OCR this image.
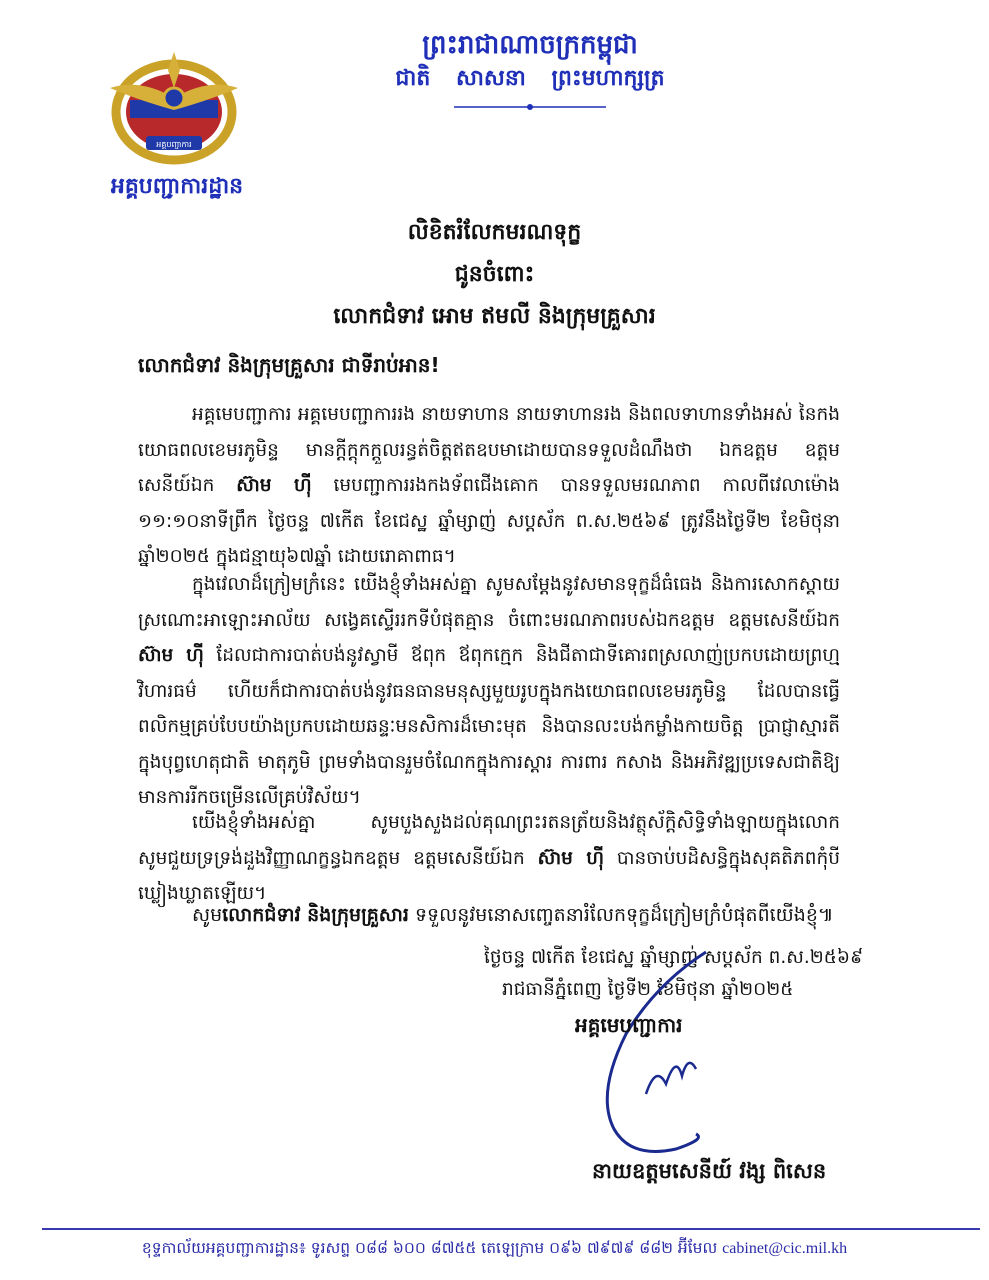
អគ្គបញ្ជាការ
អគ្គបញ្ជាការដ្ឋាន
ព្រះរាជាណាចក្រកម្ពុជា
ជាតិ សាសនា ព្រះមហាក្សត្រ
លិខិតរំលែកមរណទុក្ខ
ជូនចំពោះ
លោកជំទាវ អោម ឥមលី និងក្រុមគ្រួសារ
លោកជំទាវ និងក្រុមគ្រួសារ ជាទីរាប់អាន!
អគ្គមេបញ្ជាការ អគ្គមេបញ្ជាការរង នាយទាហាន នាយទាហានរង និងពលទាហានទាំងអស់ នៃកងយោធពលខេមរភូមិន្ទ មានក្តីក្តុកក្តួលរន្ធត់ចិត្តឥតឧបមាដោយបានទទួលដំណឹងថា ឯកឧត្តម ឧត្តមសេនីយ៍ឯក ស៊ាម ហ៊ី មេបញ្ជាការរងកងទ័ពជើងគោក បានទទួលមរណភាព កាលពីវេលាម៉ោង ១១:១០នាទីព្រឹក ថ្ងៃចន្ទ ៧កើត ខែជេស្ឋ ឆ្នាំម្សាញ់ សប្តស័ក ព.ស.២៥៦៩ ត្រូវនឹងថ្ងៃទី២ ខែមិថុនា ឆ្នាំ២០២៥ ក្នុងជន្មាយុ៦៧ឆ្នាំ ដោយរោគាពាធ។
ក្នុងវេលាដ៏ក្រៀមក្រំនេះ យើងខ្ញុំទាំងអស់គ្នា សូមសម្តែងនូវសមានទុក្ខដ៏ធំធេង និងការសោកស្តាយស្រណោះអាឡោះអាល័យ សង្វេគស្ទើររកទីបំផុតគ្មាន ចំពោះមរណភាពរបស់ឯកឧត្តម ឧត្តមសេនីយ៍ឯក ស៊ាម ហ៊ី ដែលជាការបាត់បង់នូវស្វាមី ឪពុក ឪពុកក្មេក និងជីតាជាទីគោរពស្រលាញ់ប្រកបដោយព្រហ្មវិហារធម៌ ហើយក៏ជាការបាត់បង់នូវធនធានមនុស្សមួយរូបក្នុងកងយោធពលខេមរភូមិន្ទ ដែលបានធ្វើពលិកម្មគ្រប់បែបយ៉ាងប្រកបដោយឆន្ទៈមនសិការដ៏មោះមុត និងបានលះបង់កម្លាំងកាយចិត្ត ប្រាជ្ញាស្មារតីក្នុងបុព្វហេតុជាតិ មាតុភូមិ ព្រមទាំងបានរួមចំណែកក្នុងការស្តារ ការពារ កសាង និងអភិវឌ្ឍប្រទេសជាតិឱ្យមានការរីកចម្រើនលើគ្រប់វិស័យ។
យើងខ្ញុំទាំងអស់គ្នា សូមបួងសួងដល់គុណព្រះរតនត្រ័យនិងវត្ថុស័ក្តិសិទ្ធិទាំងឡាយក្នុងលោក សូមជួយទ្រទ្រង់ដួងវិញ្ញាណក្ខន្ធឯកឧត្តម ឧត្តមសេនីយ៍ឯក ស៊ាម ហ៊ី បានចាប់បដិសន្ធិក្នុងសុគតិភពកុំបីឃ្លៀងឃ្លាតឡើយ។
សូមលោកជំទាវ និងក្រុមគ្រួសារ ទទួលនូវមនោសញ្ចេតនារំលែកទុក្ខដ៏ក្រៀមក្រំបំផុតពីយើងខ្ញុំ៕
ថ្ងៃចន្ទ ៧កើត ខែជេស្ឋ ឆ្នាំម្សាញ់ សប្តស័ក ព.ស.២៥៦៩
រាជធានីភ្នំពេញ ថ្ងៃទី២ ខែមិថុនា ឆ្នាំ២០២៥
អគ្គមេបញ្ជាការ
នាយឧត្តមសេនីយ៍ វង្ស ពិសេន
ខុទ្ទកាល័យអគ្គបញ្ជាការដ្ឋាន៖ ទូរសព្ទ ០៨៨ ៦០០ ៨៧៥៥ តេឡេក្រាម ០៩៦ ៧៩៧៩ ៨៨២ អ៊ីមែល cabinet@cic.mil.kh
